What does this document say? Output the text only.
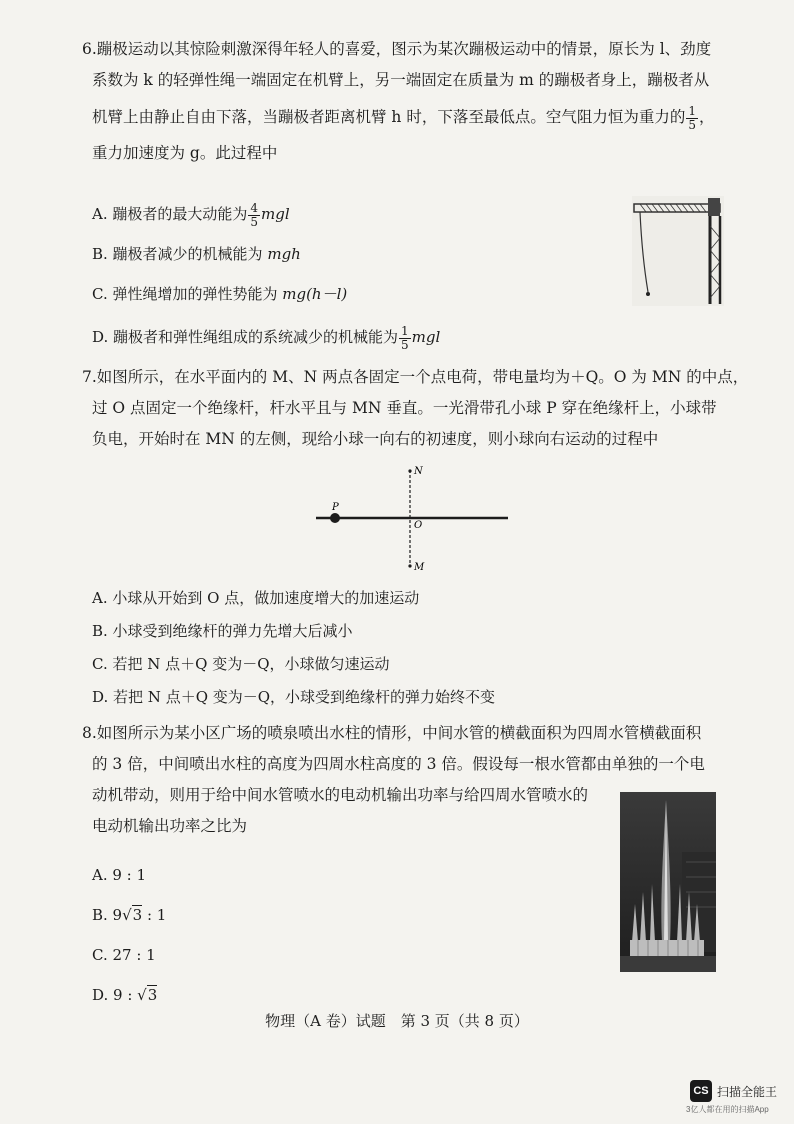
6.蹦极运动以其惊险刺激深得年轻人的喜爱，图示为某次蹦极运动中的情景，原长为 l、劲度
系数为 k 的轻弹性绳一端固定在机臂上，另一端固定在质量为 m 的蹦极者身上，蹦极者从
机臂上由静止自由下落，当蹦极者距离机臂 h 时，下落至最低点。空气阻力恒为重力的 $\frac{1}{5}$ ，
重力加速度为 g。此过程中
A. 蹦极者的最大动能为 $\frac{4}{5}$ mgl
B. 蹦极者减少的机械能为 mgh
C. 弹性绳增加的弹性势能为 mg(h－l)
D. 蹦极者和弹性绳组成的系统减少的机械能为 $\frac{1}{5}$ mgl
7.如图所示，在水平面内的 M、N 两点各固定一个点电荷，带电量均为＋Q。O 为 MN 的中点，
过 O 点固定一个绝缘杆，杆水平且与 MN 垂直。一光滑带孔小球 P 穿在绝缘杆上，小球带
负电，开始时在 MN 的左侧，现给小球一向右的初速度，则小球向右运动的过程中
N
O
M
P
A. 小球从开始到 O 点，做加速度增大的加速运动
B. 小球受到绝缘杆的弹力先增大后减小
C. 若把 N 点＋Q 变为－Q，小球做匀速运动
D. 若把 N 点＋Q 变为－Q，小球受到绝缘杆的弹力始终不变
8.如图所示为某小区广场的喷泉喷出水柱的情形，中间水管的横截面积为四周水管横截面积
的 3 倍，中间喷出水柱的高度为四周水柱高度的 3 倍。假设每一根水管都由单独的一个电
动机带动，则用于给中间水管喷水的电动机输出功率与给四周水管喷水的
电动机输出功率之比为
A. 9 : 1
B. 9√3 : 1
C. 27 : 1
D. 9 : √3
物理（A 卷）试题　第 3 页（共 8 页）
CS 扫描全能王
3亿人都在用的扫描App
